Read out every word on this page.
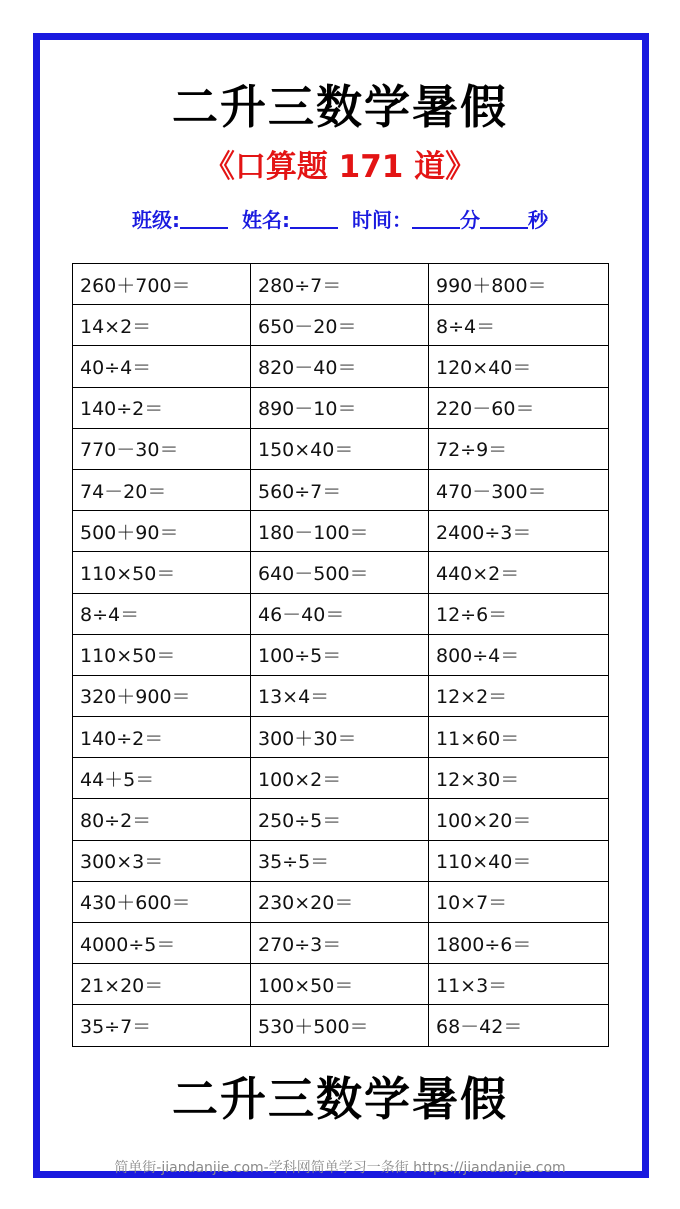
二升三数学暑假
《口算题 171 道》
班级:	姓名:	时间： 分 秒
260＋700＝	280÷7＝	990＋800＝
14×2＝	650－20＝	8÷4＝
40÷4＝	820－40＝	120×40＝
140÷2＝	890－10＝	220－60＝
770－30＝	150×40＝	72÷9＝
74－20＝	560÷7＝	470－300＝
500＋90＝	180－100＝	2400÷3＝
110×50＝	640－500＝	440×2＝
8÷4＝	46－40＝	12÷6＝
110×50＝	100÷5＝	800÷4＝
320＋900＝	13×4＝	12×2＝
140÷2＝	300＋30＝	11×60＝
44＋5＝	100×2＝	12×30＝
80÷2＝	250÷5＝	100×20＝
300×3＝	35÷5＝	110×40＝
430＋600＝	230×20＝	10×7＝
4000÷5＝	270÷3＝	1800÷6＝
21×20＝	100×50＝	11×3＝
35÷7＝	530＋500＝	68－42＝
二升三数学暑假
简单街-jiandanjie.com-学科网简单学习一条街 https://jiandanjie.com
